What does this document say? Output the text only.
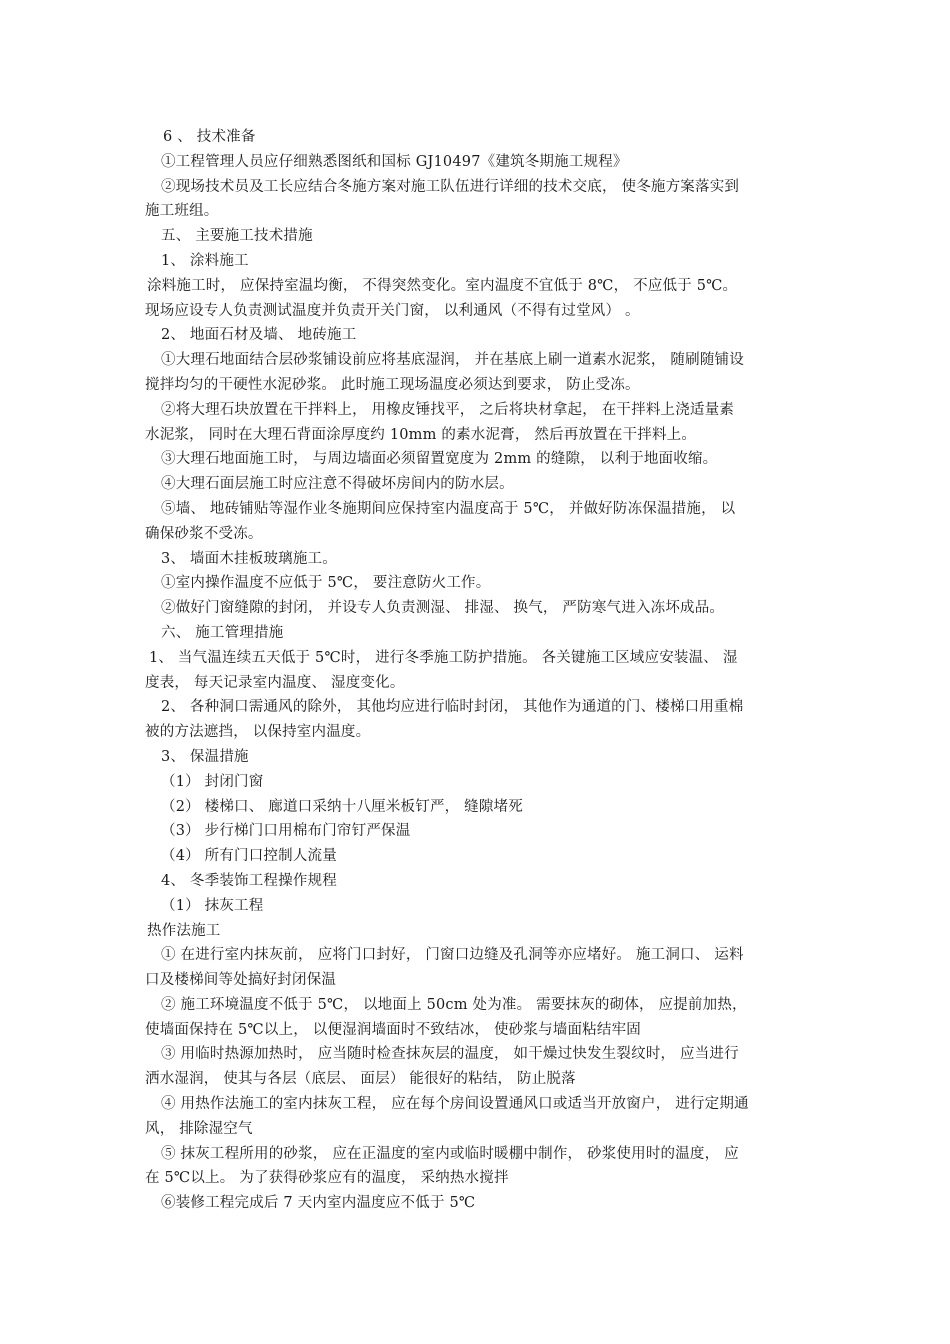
6 、 技术准备
①工程管理人员应仔细熟悉图纸和国标 GJ10497《建筑冬期施工规程》
②现场技术员及工长应结合冬施方案对施工队伍进行详细的技术交底， 使冬施方案落实到
施工班组。
五、 主要施工技术措施
1、 涂料施工
涂料施工时， 应保持室温均衡， 不得突然变化。室内温度不宜低于 8℃， 不应低于 5℃。
现场应设专人负责测试温度并负责开关门窗， 以利通风（不得有过堂风） 。
2、 地面石材及墙、 地砖施工
①大理石地面结合层砂浆铺设前应将基底湿润， 并在基底上刷一道素水泥浆， 随刷随铺设
搅拌均匀的干硬性水泥砂浆。 此时施工现场温度必须达到要求， 防止受冻。
②将大理石块放置在干拌料上， 用橡皮锤找平， 之后将块材拿起， 在干拌料上浇适量素
水泥浆， 同时在大理石背面涂厚度约 10mm 的素水泥膏， 然后再放置在干拌料上。
③大理石地面施工时， 与周边墙面必须留置宽度为 2mm 的缝隙， 以利于地面收缩。
④大理石面层施工时应注意不得破坏房间内的防水层。
⑤墙、 地砖铺贴等湿作业冬施期间应保持室内温度高于 5℃， 并做好防冻保温措施， 以
确保砂浆不受冻。
3、 墙面木挂板玻璃施工。
①室内操作温度不应低于 5℃， 要注意防火工作。
②做好门窗缝隙的封闭， 并设专人负责测湿、 排湿、 换气， 严防寒气进入冻坏成品。
六、 施工管理措施
1、 当气温连续五天低于 5℃时， 进行冬季施工防护措施。 各关键施工区域应安装温、 湿
度表， 每天记录室内温度、 湿度变化。
2、 各种洞口需通风的除外， 其他均应进行临时封闭， 其他作为通道的门、楼梯口用重棉
被的方法遮挡， 以保持室内温度。
3、 保温措施
（1） 封闭门窗
（2） 楼梯口、 廊道口采纳十八厘米板钉严， 缝隙堵死
（3） 步行梯门口用棉布门帘钉严保温
（4） 所有门口控制人流量
4、 冬季装饰工程操作规程
（1） 抹灰工程
热作法施工
① 在进行室内抹灰前， 应将门口封好， 门窗口边缝及孔洞等亦应堵好。 施工洞口、 运料
口及楼梯间等处搞好封闭保温
② 施工环境温度不低于 5℃， 以地面上 50cm 处为准。 需要抹灰的砌体， 应提前加热，
使墙面保持在 5℃以上， 以便湿润墙面时不致结冰， 使砂浆与墙面粘结牢固
③ 用临时热源加热时， 应当随时检查抹灰层的温度， 如干燥过快发生裂纹时， 应当进行
洒水湿润， 使其与各层（底层、 面层） 能很好的粘结， 防止脱落
④ 用热作法施工的室内抹灰工程， 应在每个房间设置通风口或适当开放窗户， 进行定期通
风， 排除湿空气
⑤ 抹灰工程所用的砂浆， 应在正温度的室内或临时暖棚中制作， 砂浆使用时的温度， 应
在 5℃以上。 为了获得砂浆应有的温度， 采纳热水搅拌
⑥装修工程完成后 7 天内室内温度应不低于 5℃
